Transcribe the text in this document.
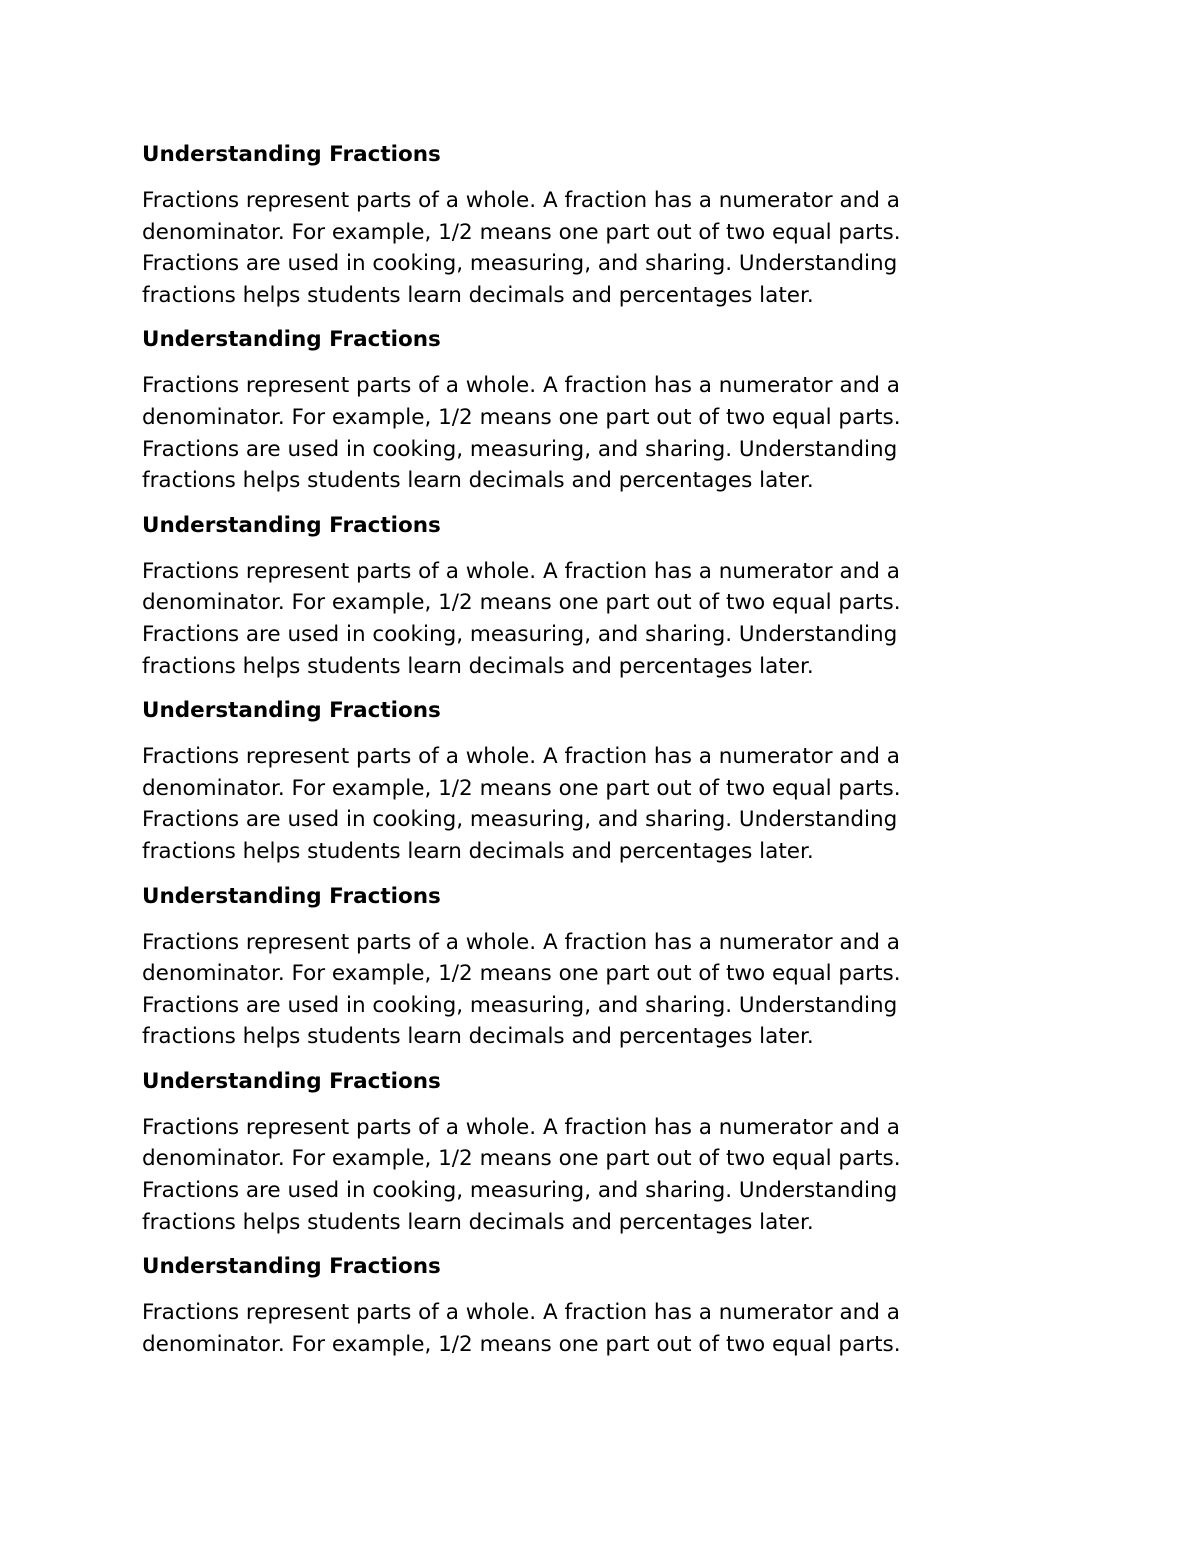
Understanding Fractions

Fractions represent parts of a whole. A fraction has a numerator and a
denominator. For example, 1/2 means one part out of two equal parts.
Fractions are used in cooking, measuring, and sharing. Understanding
fractions helps students learn decimals and percentages later.

Understanding Fractions

Fractions represent parts of a whole. A fraction has a numerator and a
denominator. For example, 1/2 means one part out of two equal parts.
Fractions are used in cooking, measuring, and sharing. Understanding
fractions helps students learn decimals and percentages later.

Understanding Fractions

Fractions represent parts of a whole. A fraction has a numerator and a
denominator. For example, 1/2 means one part out of two equal parts.
Fractions are used in cooking, measuring, and sharing. Understanding
fractions helps students learn decimals and percentages later.

Understanding Fractions

Fractions represent parts of a whole. A fraction has a numerator and a
denominator. For example, 1/2 means one part out of two equal parts.
Fractions are used in cooking, measuring, and sharing. Understanding
fractions helps students learn decimals and percentages later.

Understanding Fractions

Fractions represent parts of a whole. A fraction has a numerator and a
denominator. For example, 1/2 means one part out of two equal parts.
Fractions are used in cooking, measuring, and sharing. Understanding
fractions helps students learn decimals and percentages later.

Understanding Fractions

Fractions represent parts of a whole. A fraction has a numerator and a
denominator. For example, 1/2 means one part out of two equal parts.
Fractions are used in cooking, measuring, and sharing. Understanding
fractions helps students learn decimals and percentages later.

Understanding Fractions

Fractions represent parts of a whole. A fraction has a numerator and a
denominator. For example, 1/2 means one part out of two equal parts.
